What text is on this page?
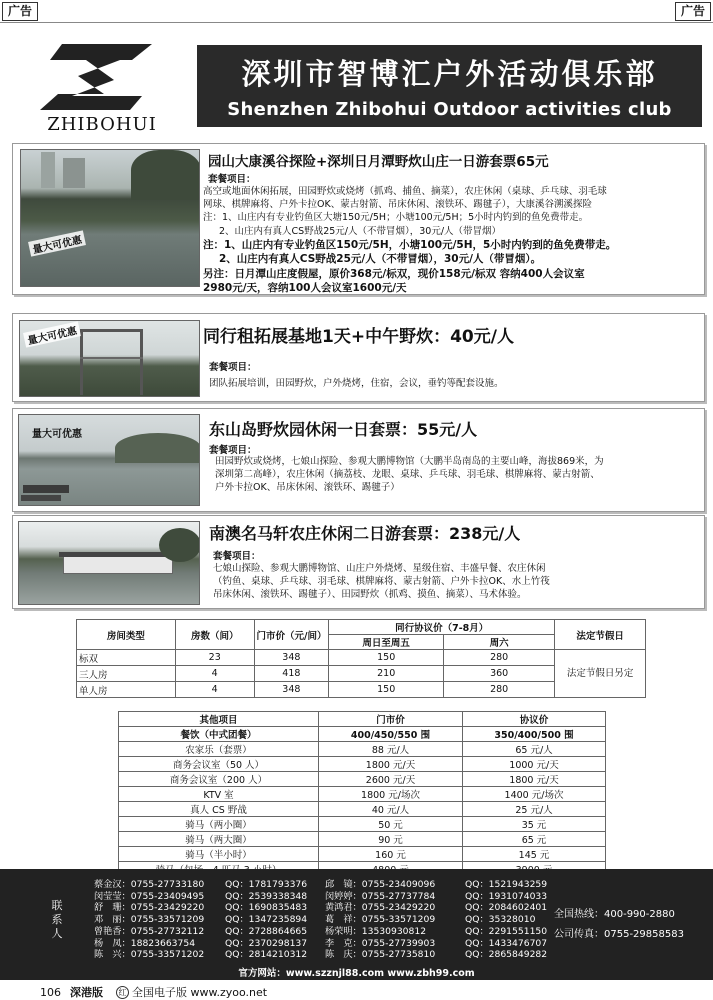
广告	广告
ZHIBOHUI
深圳市智博汇户外活动俱乐部
Shenzhen Zhibohui Outdoor activities club
量大可优惠
园山大康溪谷探险+深圳日月潭野炊山庄一日游套票65元
套餐项目：
高空或地面休闲拓展，田园野炊或烧烤（抓鸡、捕鱼、摘菜），农庄休闲（桌球、乒乓球、羽毛球
网球、棋牌麻将、户外卡拉OK、蒙古射箭、吊床休闲、滚铁环、踢毽子），大康溪谷溯溪探险
注：1、山庄内有专业钓鱼区大塘150元/5H；小塘100元/5H；5小时内钓到的鱼免费带走。
2、山庄内有真人CS野战25元/人（不带冒烟），30元/人（带冒烟）
注：1、山庄内有专业钓鱼区150元/5H，小塘100元/5H，5小时内钓到的鱼免费带走。
2、山庄内有真人CS野战25元/人（不带冒烟），30元/人（带冒烟）。
另注：日月潭山庄度假屋，原价368元/标双，现价158元/标双 容纳400人会议室
2980元/天，容纳100人会议室1600元/天
量大可优惠	同行租拓展基地1天+中午野炊：40元/人
套餐项目：
团队拓展培训，田园野炊，户外烧烤，住宿，会议，垂钓等配套设施。
量大可优惠	东山岛野炊园休闲一日套票：55元/人
套餐项目：
田园野炊或烧烤，七娘山探险、参观大鹏博物馆（大鹏半岛南岛的主要山峰，海拔869米，为
深圳第二高峰），农庄休闲（摘荔枝、龙眼、桌球、乒乓球、羽毛球、棋牌麻将、蒙古射箭、
户外卡拉OK、吊床休闲、滚铁环、踢毽子）
南澳名马轩农庄休闲二日游套票：238元/人
套餐项目：
七娘山探险、参观大鹏博物馆、山庄户外烧烤、星级住宿、丰盛早餐、农庄休闲
（钓鱼、桌球、乒乓球、羽毛球、棋牌麻将、蒙古射箭、户外卡拉OK、水上竹筏
吊床休闲、滚铁环、踢毽子）、田园野炊（抓鸡、摸鱼、摘菜）、马术体验。
房间类型	房数（间）	门市价（元/间）	同行协议价（7-8月）		法定节假日
			周日至周五	周六	
标双	23	348	150	280	法定节假日另定
三人房	4	418	210	360	
单人房	4	348	150	280	
其他项目	门市价	协议价
餐饮（中式团餐）	400/450/550 围	350/400/500 围
农家乐（套票）	88 元/人	65 元/人
商务会议室（50 人）	1800 元/天	1000 元/天
商务会议室（200 人）	2600 元/天	1800 元/天
KTV 室	1800 元/场次	1400 元/场次
真人 CS 野战	40 元/人	25 元/人
骑马（两小圈）	50 元	35 元
骑马（两大圈）	90 元	65 元
骑马（半小时）	160 元	145 元

联系人
蔡金汉：0755-27733180 QQ：1781793376 邱　镜：0755-23409096	QQ：1521943259
闵莹莹：0755-23409495 QQ：2539338348 闵婷婷：0755-27737784	QQ：1931074033
舒　珊：0755-23429220 QQ：1690835483 黄鸿君：0755-23429220	QQ：2084602401
邓　丽：0755-33571209 QQ：1347235894 葛　祥：0755-33571209	QQ：35328010
曾艳香：0755-27732112 QQ：2728864665 杨荣明：13530930812	QQ：2291551150
杨　凤：18823663754	QQ：2370298137 李　克：0755-27739903	QQ：1433476707
陈　兴：0755-33571202 QQ：2814210312 陈　庆：0755-27735810	QQ：2865849282
全国热线：400-990-2880
公司传真：0755-29858583
官方网站：www.szznjl88.com www.zbh99.com
106 深港版	红 全国电子版 www.zyoo.net
